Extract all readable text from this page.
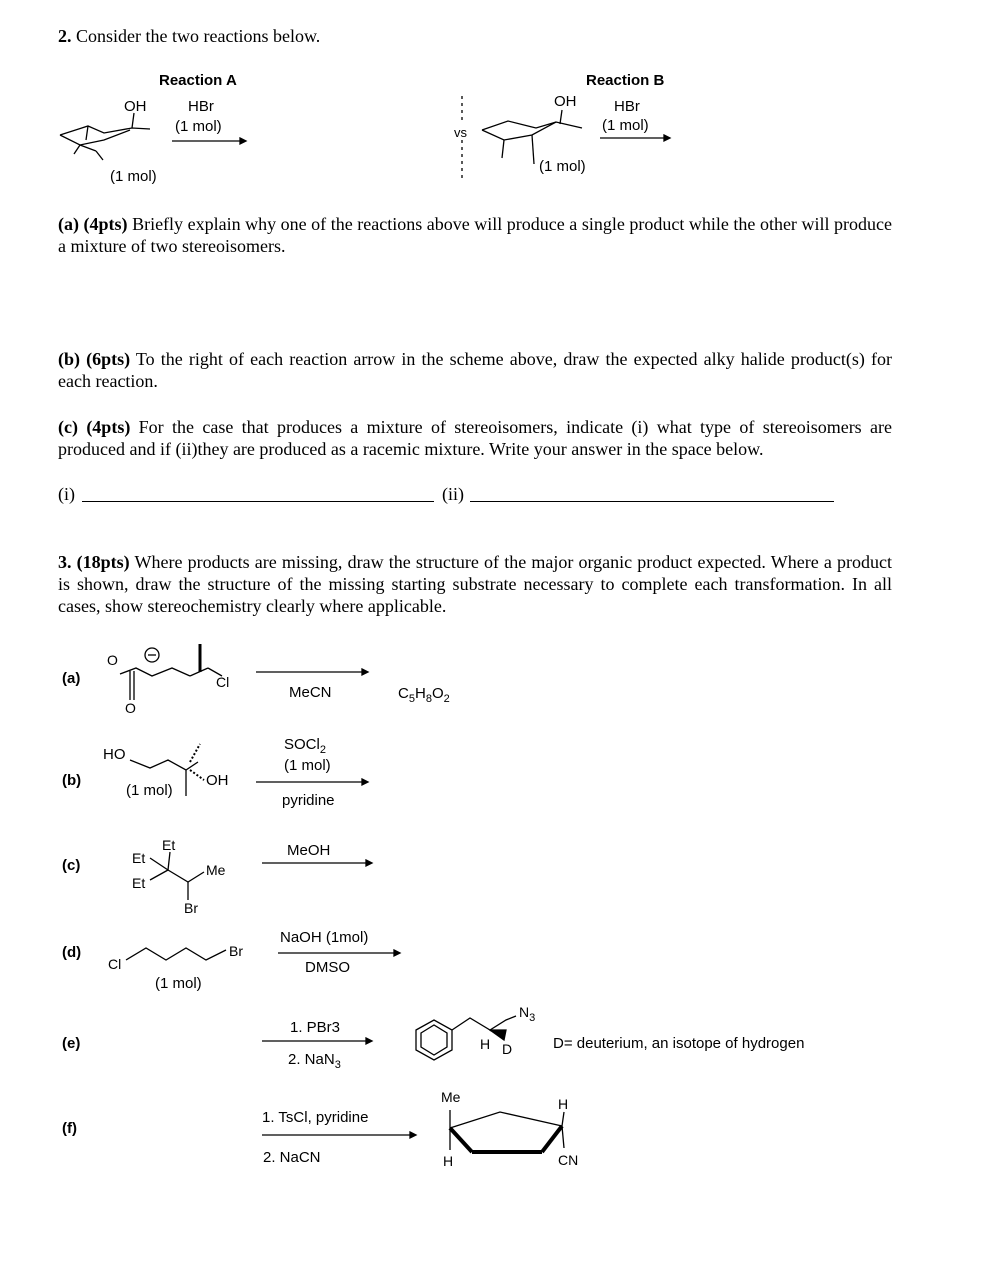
2. Consider the two reactions below.
Reaction A
OH	HBr
(1 mol)
(1 mol)
vs
Reaction B
OH	HBr
(1 mol)
(1 mol)
(a) (4pts) Briefly explain why one of the reactions above will produce a single product while the other will produce a mixture of two stereoisomers.
(b) (6pts) To the right of each reaction arrow in the scheme above, draw the expected alky halide product(s) for each reaction.
(c) (4pts) For the case that produces a mixture of stereoisomers, indicate (i) what type of stereoisomers are produced and if (ii)they are produced as a racemic mixture. Write your answer in the space below.
(i)	(ii)
3. (18pts) Where products are missing, draw the structure of the major organic product expected. Where a product is shown, draw the structure of the missing starting substrate necessary to complete each transformation. In all cases, show stereochemistry clearly where applicable.
(a)
O
O
Cl
MeCN	$C_5H_8O_2$
(b)
HO
OH
(1 mol)
SOCl$_2$
(1 mol)
pyridine
(c)
Et
Et
Et
Me
Br
MeOH
(d)
Cl
Br
(1 mol)
NaOH (1mol)
DMSO
(e)
1. PBr3
2. NaN$_3$
$N_3$
H D	D= deuterium, an isotope of hydrogen
(f)
1. TsCl, pyridine
2. NaCN
Me
H
H
CN
